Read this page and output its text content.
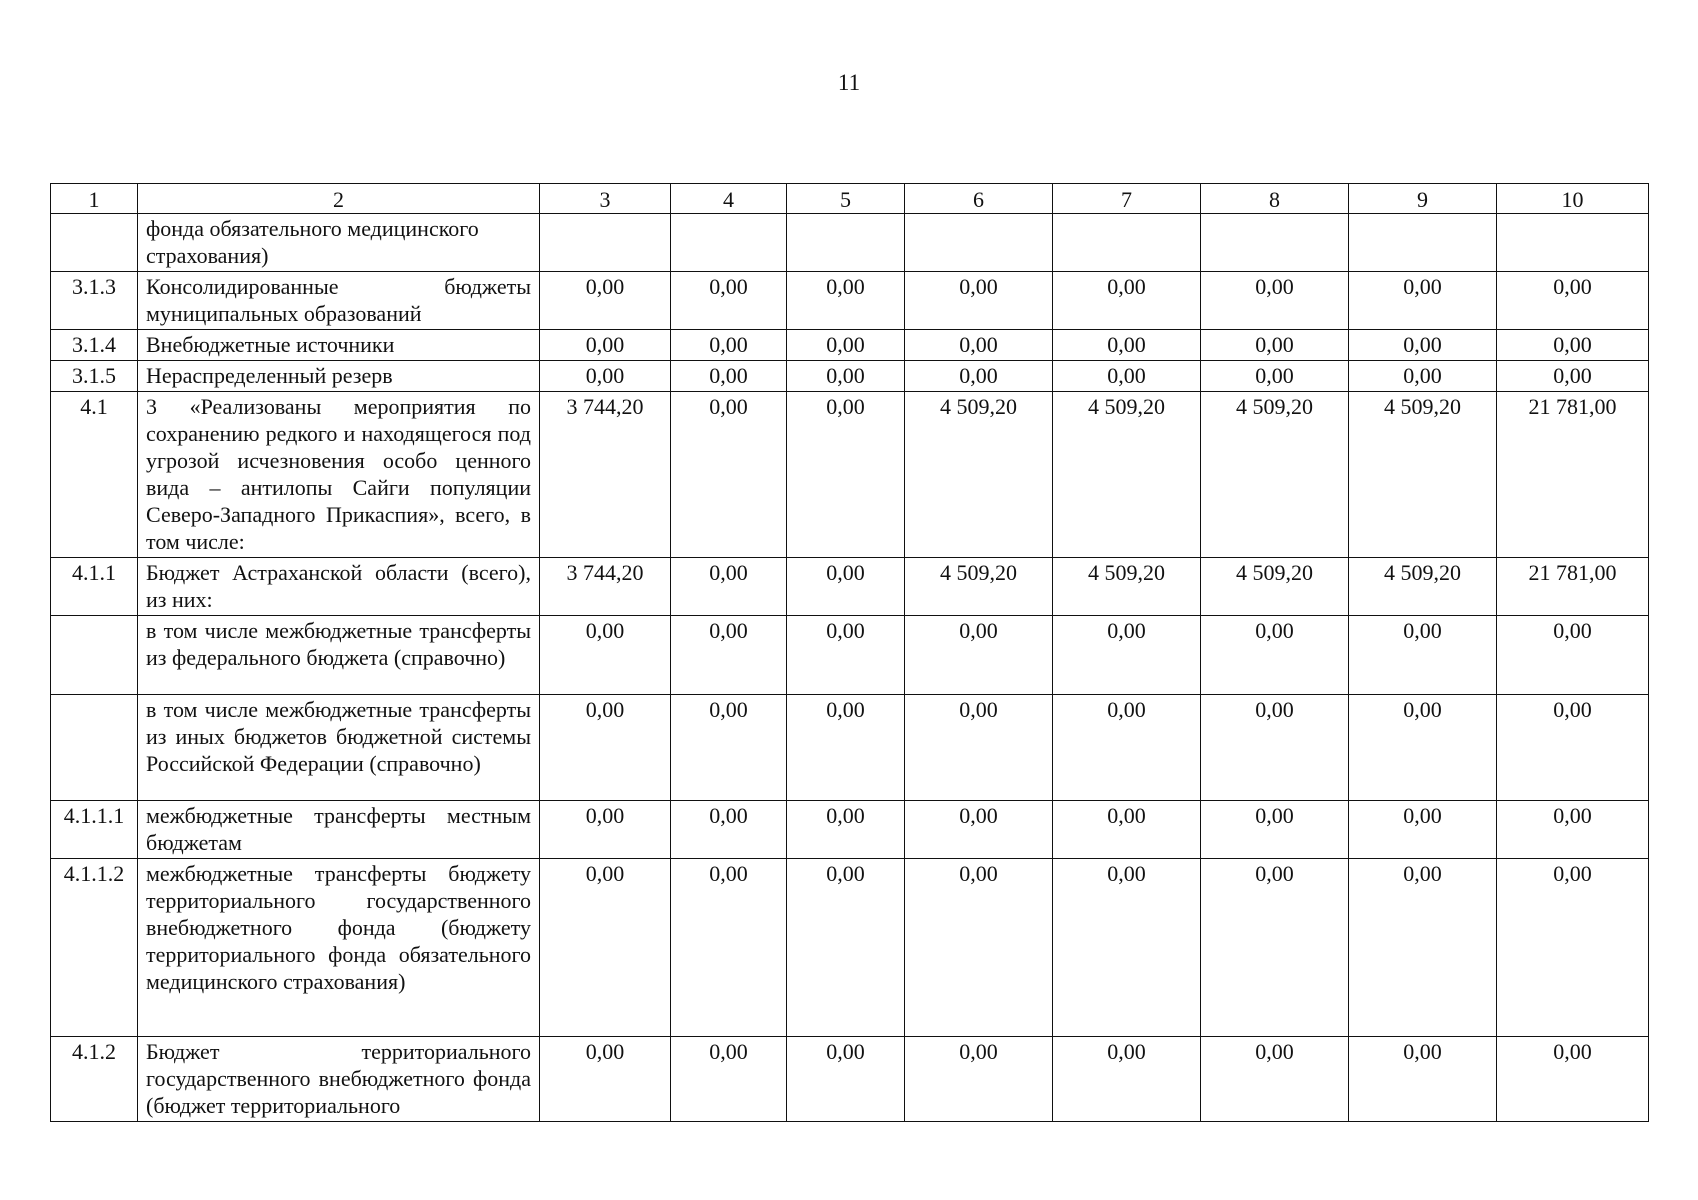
11
1	2	3	4	5	6	7	8	9	10
	фонда обязательного медицинского страхования)								
3.1.3	Консолидированные бюджеты муниципальных образований	0,00	0,00	0,00	0,00	0,00	0,00	0,00	0,00
3.1.4	Внебюджетные источники	0,00	0,00	0,00	0,00	0,00	0,00	0,00	0,00
3.1.5	Нераспределенный резерв	0,00	0,00	0,00	0,00	0,00	0,00	0,00	0,00
4.1	3 «Реализованы мероприятия по сохранению редкого и находящегося под угрозой исчезновения особо ценного вида – антилопы Сайги популяции Северо-Западного Прикаспия», всего, в том числе:	3 744,20	0,00	0,00	4 509,20	4 509,20	4 509,20	4 509,20	21 781,00
4.1.1	Бюджет Астраханской области (всего), из них:	3 744,20	0,00	0,00	4 509,20	4 509,20	4 509,20	4 509,20	21 781,00
	в том числе межбюджетные трансферты из федерального бюджета (справочно)	0,00	0,00	0,00	0,00	0,00	0,00	0,00	0,00
	в том числе межбюджетные трансферты из иных бюджетов бюджетной системы Российской Федерации (справочно)	0,00	0,00	0,00	0,00	0,00	0,00	0,00	0,00
4.1.1.1	межбюджетные трансферты местным бюджетам	0,00	0,00	0,00	0,00	0,00	0,00	0,00	0,00
4.1.1.2	межбюджетные трансферты бюджету территориального государственного внебюджетного фонда (бюджету территориального фонда обязательного медицинского страхования)	0,00	0,00	0,00	0,00	0,00	0,00	0,00	0,00
4.1.2	Бюджет территориального государственного внебюджетного фонда (бюджет территориального	0,00	0,00	0,00	0,00	0,00	0,00	0,00	0,00
